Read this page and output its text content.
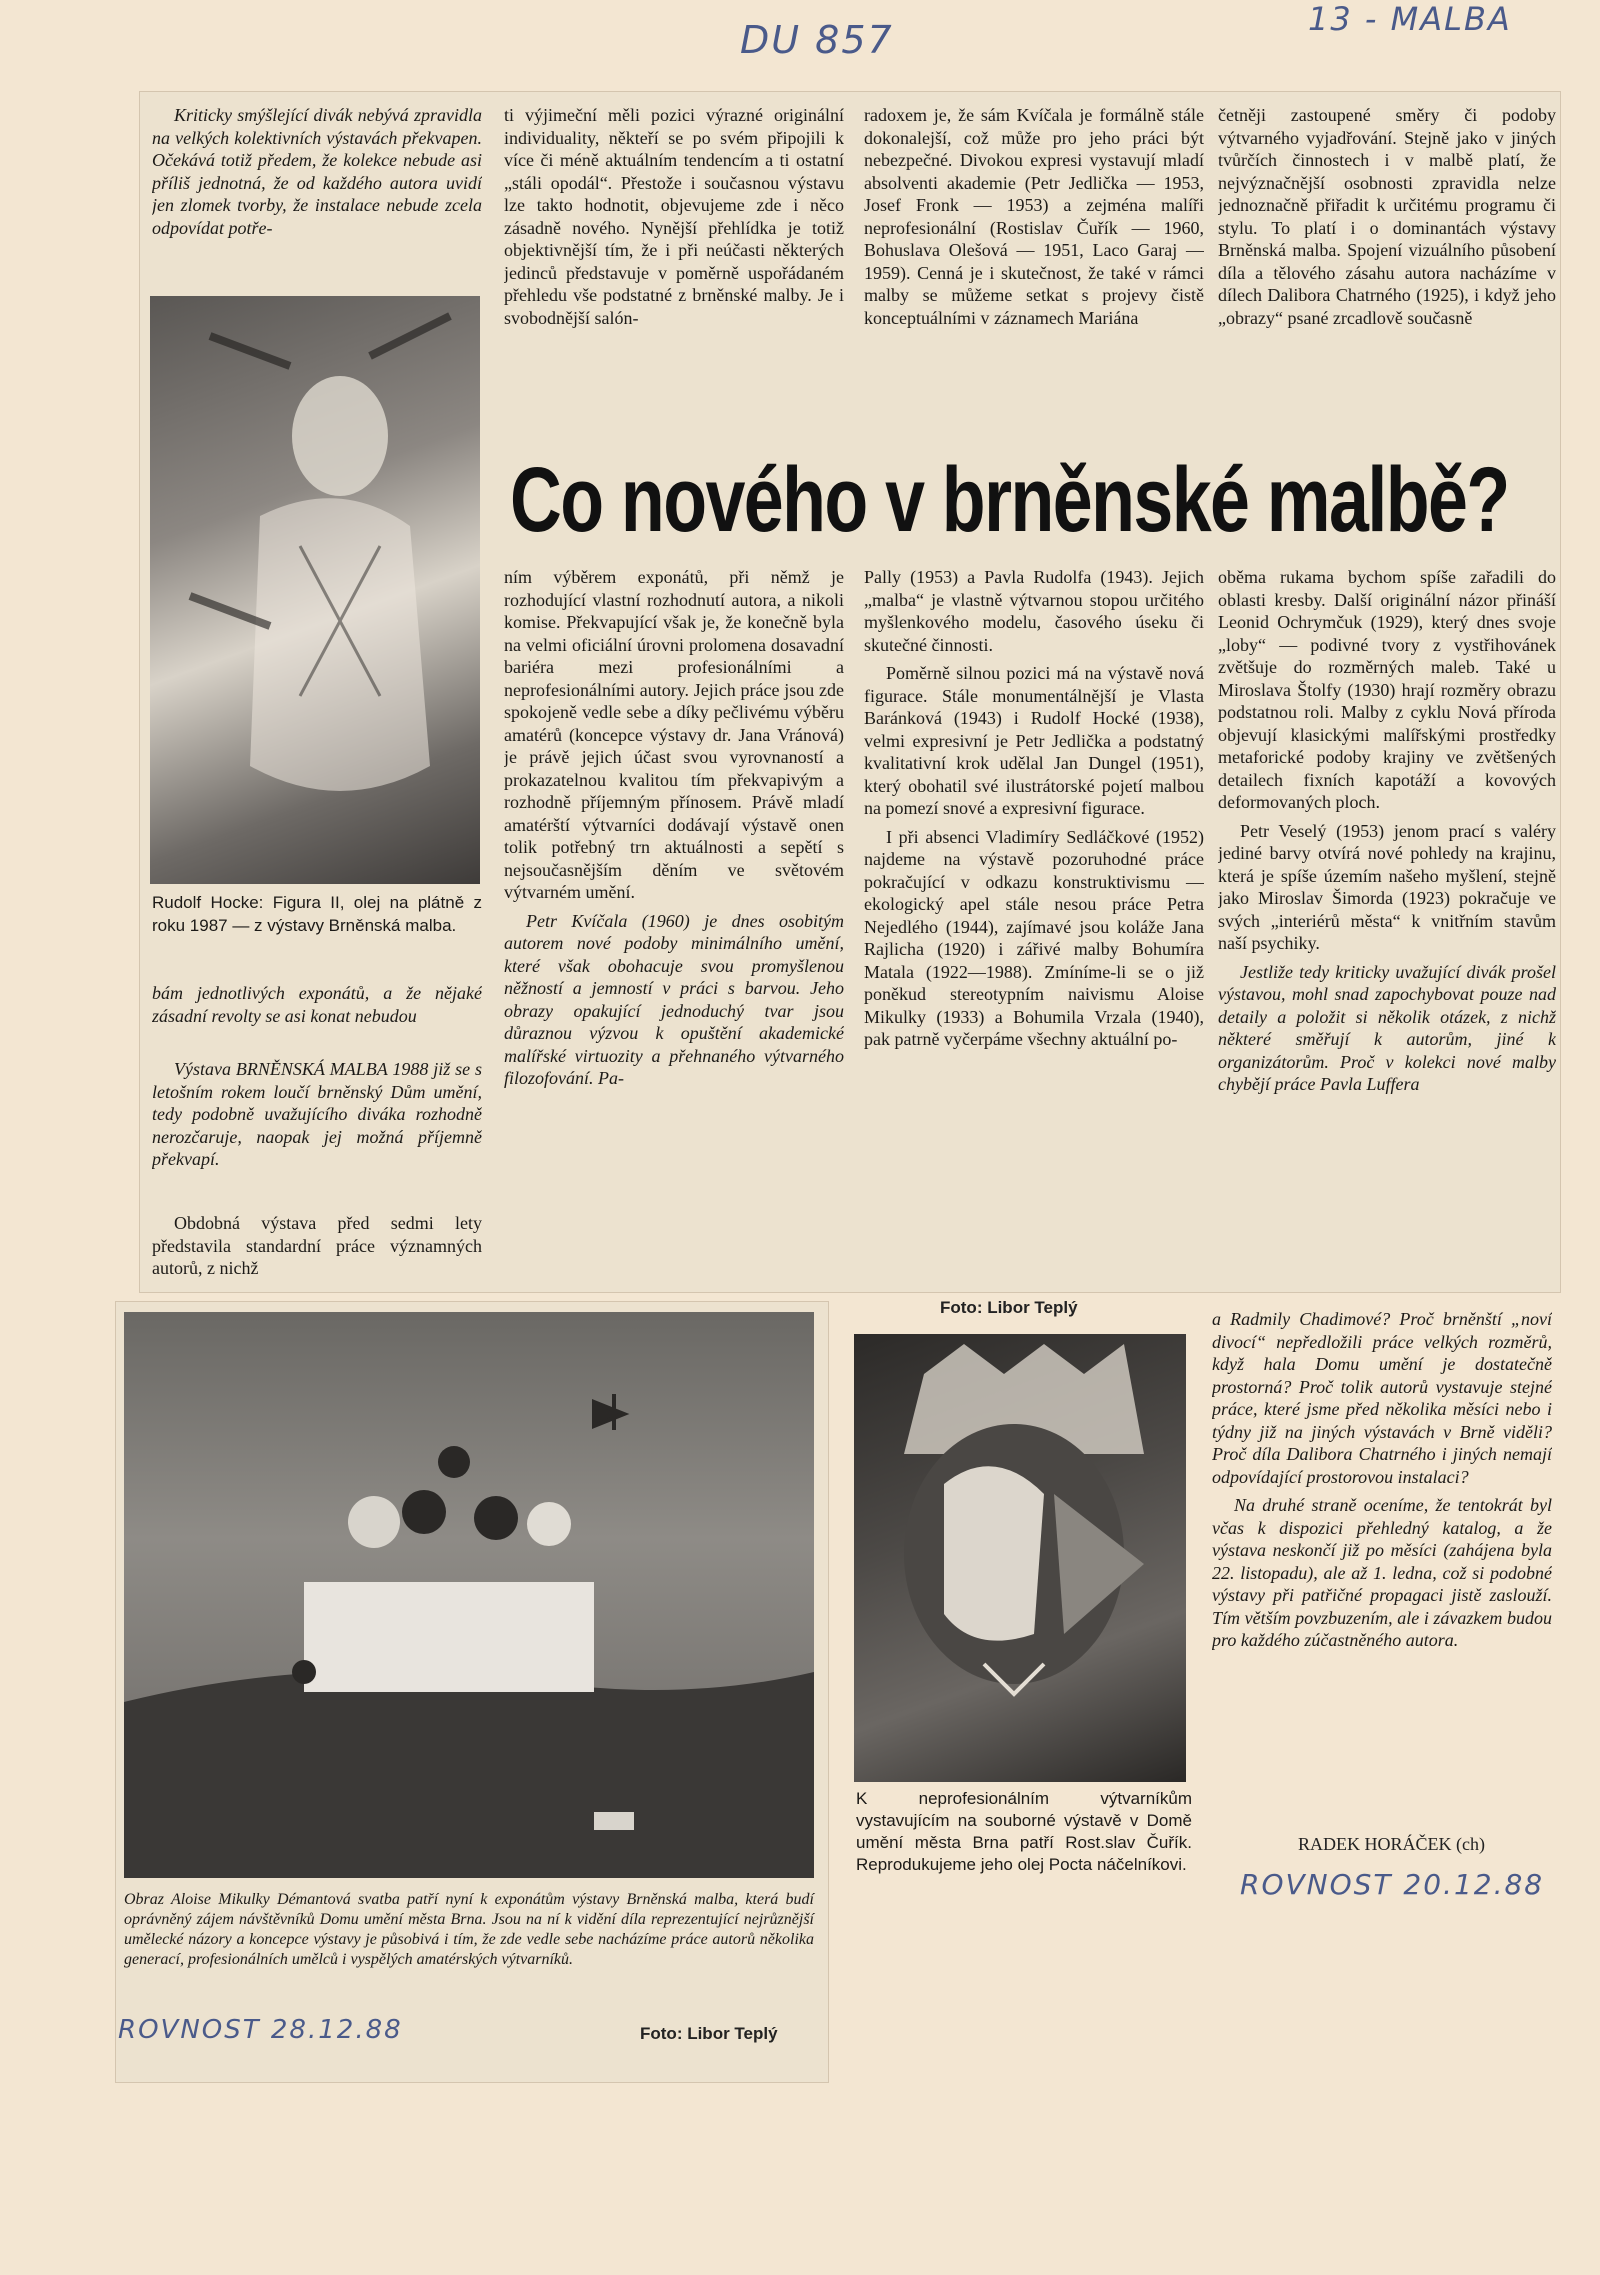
DU 857	13 - MALBA

Kriticky smýšlející divák nebývá zpravidla na velkých kolektivních výstavách překvapen. Očekává totiž předem, že kolekce nebude asi příliš jednotná, že od každého autora uvidí jen zlomek tvorby, že instalace nebude zcela odpovídat potře-

Rudolf Hocke: Figura II, olej na plátně z roku 1987 — z výstavy Brněnská malba.

bám jednotlivých exponátů, a že nějaké zásadní revolty se asi konat nebudou

Výstava BRNĚNSKÁ MALBA 1988 již se s letošním rokem loučí brněnský Dům umění, tedy podobně uvažujícího diváka rozhodně nerozčaruje, naopak jej možná příjemně překvapí.

Obdobná výstava před sedmi lety představila standardní práce významných autorů, z nichž

ti výjimeční měli pozici výrazné originální individuality, někteří se po svém připojili k více či méně aktuálním tendencím a ti ostatní „stáli opodál“. Přestože i současnou výstavu lze takto hodnotit, objevujeme zde i něco zásadně nového. Nynější přehlídka je totiž objektivnější tím, že i při neúčasti některých jedinců představuje v poměrně uspořádaném přehledu vše podstatné z brněnské malby. Je i svobodnější salón-

radoxem je, že sám Kvíčala je formálně stále dokonalejší, což může pro jeho práci být nebezpečné. Divokou expresi vystavují mladí absolventi akademie (Petr Jedlička — 1953, Josef Fronk — 1953) a zejména malíři neprofesionální (Rostislav Čuřík — 1960, Bohuslava Olešová — 1951, Laco Garaj — 1959). Cenná je i skutečnost, že také v rámci malby se můžeme setkat s projevy čistě konceptuálními v záznamech Mariána

četněji zastoupené směry či podoby výtvarného vyjadřování. Stejně jako v jiných tvůrčích činnostech i v malbě platí, že nejvýznačnější osobnosti zpravidla nelze jednoznačně přiřadit k určitému programu či stylu. To platí i o dominantách výstavy Brněnská malba. Spojení vizuálního působení díla a tělového zásahu autora nacházíme v dílech Dalibora Chatrného (1925), i když jeho „obrazy“ psané zrcadlově současně

Co nového v brněnské malbě?

ním výběrem exponátů, při němž je rozhodující vlastní rozhodnutí autora, a nikoli komise. Překvapující však je, že konečně byla na velmi oficiální úrovni prolomena dosavadní bariéra mezi profesionálními a neprofesionálními autory. Jejich práce jsou zde spokojeně vedle sebe a díky pečlivému výběru amatérů (koncepce výstavy dr. Jana Vránová) je právě jejich účast svou vyrovnaností a prokazatelnou kvalitou tím překvapivým a rozhodně příjemným přínosem. Právě mladí amatérští výtvarníci dodávají výstavě onen tolik potřebný trn aktuálnosti a sepětí s nejsoučasnějším děním ve světovém výtvarném umění.

Petr Kvíčala (1960) je dnes osobitým autorem nové podoby minimálního umění, které však obohacuje svou promyšlenou něžností a jemností v práci s barvou. Jeho obrazy opakující jednoduchý tvar jsou důraznou výzvou k opuštění akademické malířské virtuozity a přehnaného výtvarného filozofování. Pa-

Pally (1953) a Pavla Rudolfa (1943). Jejich „malba“ je vlastně výtvarnou stopou určitého myšlenkového modelu, časového úseku či skutečné činnosti.

Poměrně silnou pozici má na výstavě nová figurace. Stále monumentálnější je Vlasta Baránková (1943) i Rudolf Hocké (1938), velmi expresivní je Petr Jedlička a podstatný kvalitativní krok udělal Jan Dungel (1951), který obohatil své ilustrátorské pojetí malbou na pomezí snové a expresivní figurace.

I při absenci Vladimíry Sedláčkové (1952) najdeme na výstavě pozoruhodné práce pokračující v odkazu konstruktivismu — ekologický apel stále nesou práce Petra Nejedlého (1944), zajímavé jsou koláže Jana Rajlicha (1920) i zářivé malby Bohumíra Matala (1922—1988). Zmíníme-li se o již poněkud stereotypním naivismu Aloise Mikulky (1933) a Bohumila Vrzala (1940), pak patrně vyčerpáme všechny aktuální po-

oběma rukama bychom spíše zařadili do oblasti kresby. Další originální názor přináší Leonid Ochrymčuk (1929), který dnes svoje „loby“ — podivné tvory z vystřihovánek zvětšuje do rozměrných maleb. Také u Miroslava Štolfy (1930) hrají rozměry obrazu podstatnou roli. Malby z cyklu Nová příroda objevují klasickými malířskými prostředky metaforické podoby krajiny ve zvětšených detailech fixních kapotáží a kovových deformovaných ploch.

Petr Veselý (1953) jenom prací s valéry jediné barvy otvírá nové pohledy na krajinu, která je spíše územím našeho myšlení, stejně jako Miroslav Šimorda (1923) pokračuje ve svých „interiérů města“ k vnitřním stavům naší psychiky.

Jestliže tedy kriticky uvažující divák prošel výstavou, mohl snad zapochybovat pouze nad detaily a položit si několik otázek, z nichž některé směřují k autorům, jiné k organizátorům. Proč v kolekci nové malby chybějí práce Pavla Luffera

Obraz Aloise Mikulky Démantová svatba patří nyní k exponátům výstavy Brněnská malba, která budí oprávněný zájem návštěvníků Domu umění města Brna. Jsou na ní k vidění díla reprezentující nejrůznější umělecké názory a koncepce výstavy je působivá i tím, že zde vedle sebe nacházíme práce autorů několika generací, profesionálních umělců i vyspělých amatérských výtvarníků.
ROVNOST 28.12.88	Foto: Libor Teplý
Foto: Libor Teplý
K neprofesionálním výtvarníkům vystavujícím na souborné výstavě v Domě umění města Brna patří Rost.slav Čuřík. Reprodukujeme jeho olej Pocta náčelníkovi.

a Radmily Chadimové? Proč brněnští „noví divocí“ nepředložili práce velkých rozměrů, když hala Domu umění je dostatečně prostorná? Proč tolik autorů vystavuje stejné práce, které jsme před několika měsíci nebo i týdny již na jiných výstavách v Brně viděli? Proč díla Dalibora Chatrného i jiných nemají odpovídající prostorovou instalaci?

Na druhé straně oceníme, že tentokrát byl včas k dispozici přehledný katalog, a že výstava neskončí již po měsíci (zahájena byla 22. listopadu), ale až 1. ledna, což si podobné výstavy při patřičné propagaci jistě zaslouží. Tím větším povzbuzením, ale i závazkem budou pro každého zúčastněného autora.

RADEK HORÁČEK (ch)
ROVNOST 20.12.88
